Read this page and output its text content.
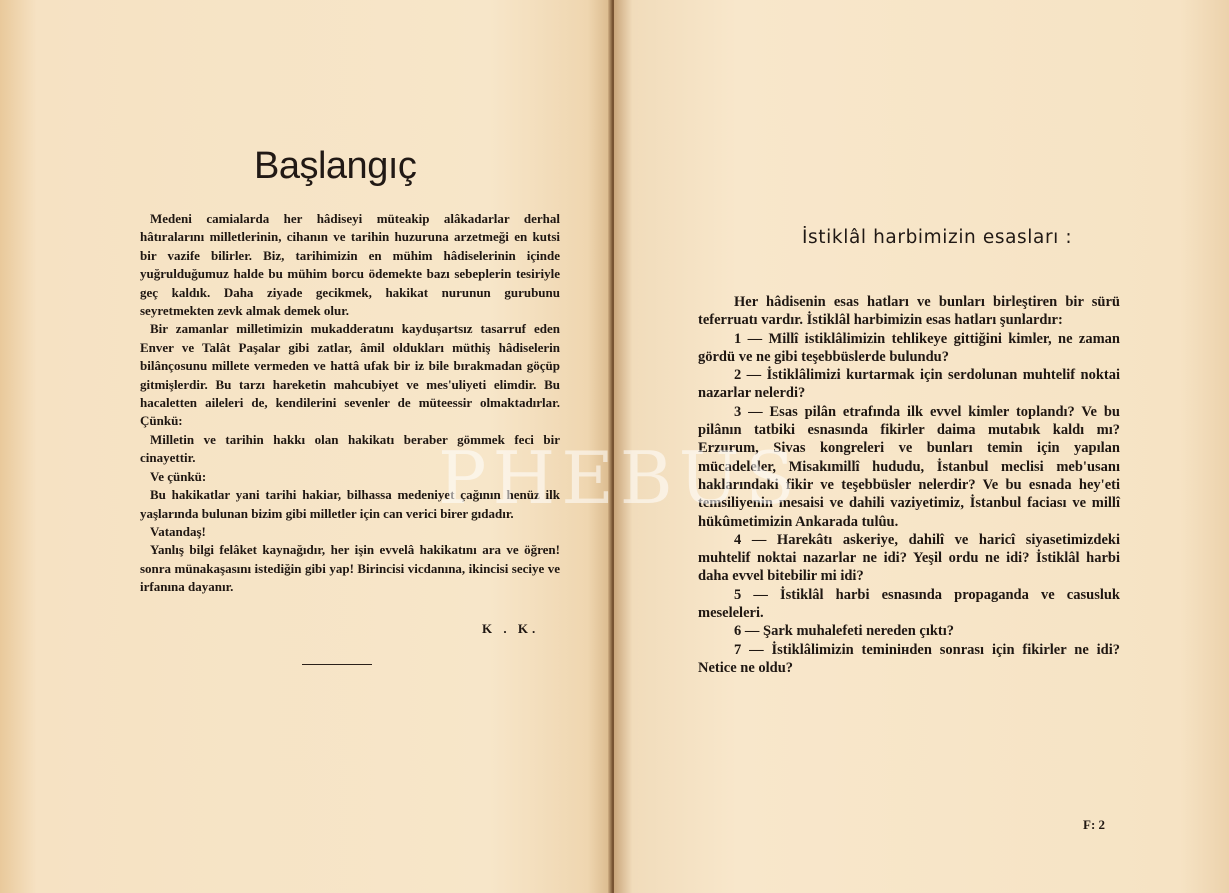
Başlangıç

Medeni camialarda her hâdiseyi müteakip alâkadarlar derhal hâtıralarını milletlerinin, cihanın ve tarihin huzuruna arzetmeği en kutsi bir vazife bilirler. Biz, tarihimizin en mühim hâdiselerinin içinde yuğrulduğumuz halde bu mühim borcu ödemekte bazı sebeplerin tesiriyle geç kaldık. Daha ziyade gecikmek, hakikat nurunun gurubunu seyretmekten zevk almak demek olur.

Bir zamanlar milletimizin mukadderatını kaydușartsız tasarruf eden Enver ve Talât Paşalar gibi zatlar, âmil oldukları müthiş hâdiselerin bilânçosunu millete vermeden ve hattâ ufak bir iz bile bırakmadan göçüp gitmişlerdir. Bu tarzı hareketin mahcubiyet ve mes'uliyeti elimdir. Bu hacaletten aileleri de, kendilerini sevenler de müteessir olmaktadırlar. Çünkü:

Milletin ve tarihin hakkı olan hakikatı beraber gömmek feci bir cinayettir.

Ve çünkü:

Bu hakikatlar yani tarihi hakiar, bilhassa medeniyet çağının henüz ilk yaşlarında bulunan bizim gibi milletler için can verici birer gıdadır.

Vatandaş!

Yanlış bilgi felâket kaynağıdır, her işin evvelâ hakikatını ara ve öğren! sonra münakaşasını istediğin gibi yap! Birincisi vicdanına, ikincisi seciye ve irfanına dayanır.

K . K.
İstiklâl harbimizin esasları :

Her hâdisenin esas hatları ve bunları birleştiren bir sürü teferruatı vardır. İstiklâl harbimizin esas hatları şunlardır:

1 — Millî istiklâlimizin tehlikeye gittiğini kimler, ne zaman gördü ve ne gibi teşebbüslerde bulundu?

2 — İstiklâlimizi kurtarmak için serdolunan muhtelif noktai nazarlar nelerdi?

3 — Esas pilân etrafında ilk evvel kimler toplandı? Ve bu pilânın tatbiki esnasında fikirler daima mutabık kaldı mı? Erzurum, Sivas kongreleri ve bunları temin için yapılan mücadeleler, Misakımillî hududu, İstanbul meclisi meb'usanı haklarındaki fikir ve teşebbüsler nelerdir? Ve bu esnada hey'eti temsiliyenin mesaisi ve dahili vaziyetimiz, İstanbul faciası ve millî hükûmetimizin Ankarada tulûu.

4 — Harekâtı askeriye, dahilî ve haricî siyasetimizdeki muhtelif noktai nazarlar ne idi? Yeşil ordu ne idi? İstiklâl harbi daha evvel bitebilir mi idi?

5 — İstiklâl harbi esnasında propaganda ve casusluk meseleleri.

6 — Şark muhalefeti nereden çıktı?

7 — İstiklâlimizin teminінden sonrası için fikirler ne idi? Netice ne oldu?

F: 2
PHEBUS
